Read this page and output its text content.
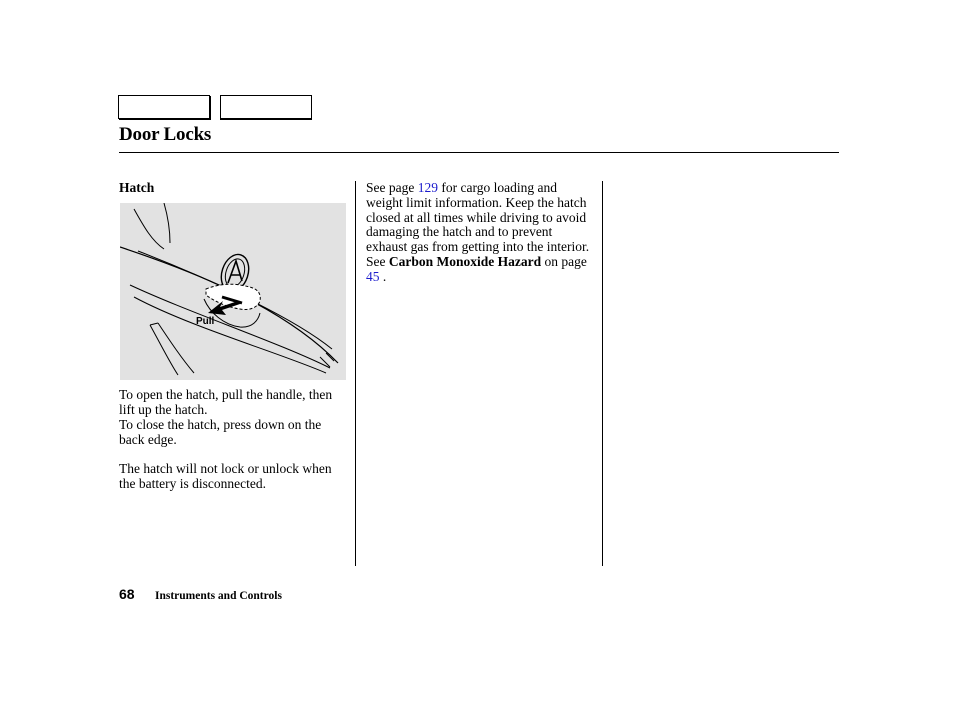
Door Locks
Hatch
Pull

To open the hatch, pull the handle, then lift up the hatch.

To close the hatch, press down on the back edge.

The hatch will not lock or unlock when the battery is disconnected.

See page 129 for cargo loading and weight limit information. Keep the hatch closed at all times while driving to avoid damaging the hatch and to prevent exhaust gas from getting into the interior. See Carbon Monoxide Hazard on page 45 .

68 Instruments and Controls
